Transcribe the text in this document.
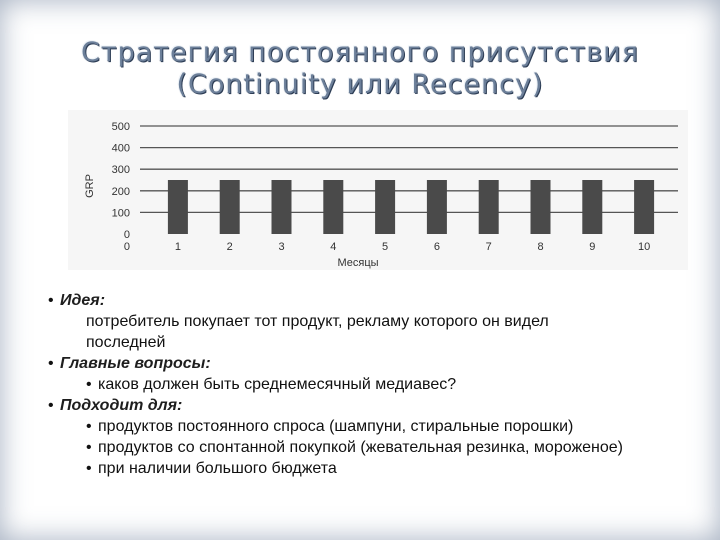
Стратегия постоянного присутствия
(Continuity или Recency)
0
100
200
300
400
500
0
GRP
1	2	3	4	5	6	7	8	9	10
Месяцы
• Идея:
потребитель покупает тот продукт, рекламу которого он видел последней
• Главные вопросы:
• каков должен быть среднемесячный медиавес?
• Подходит для:
• продуктов постоянного спроса (шампуни, стиральные порошки)
• продуктов со спонтанной покупкой (жевательная резинка, мороженое)
• при наличии большого бюджета
